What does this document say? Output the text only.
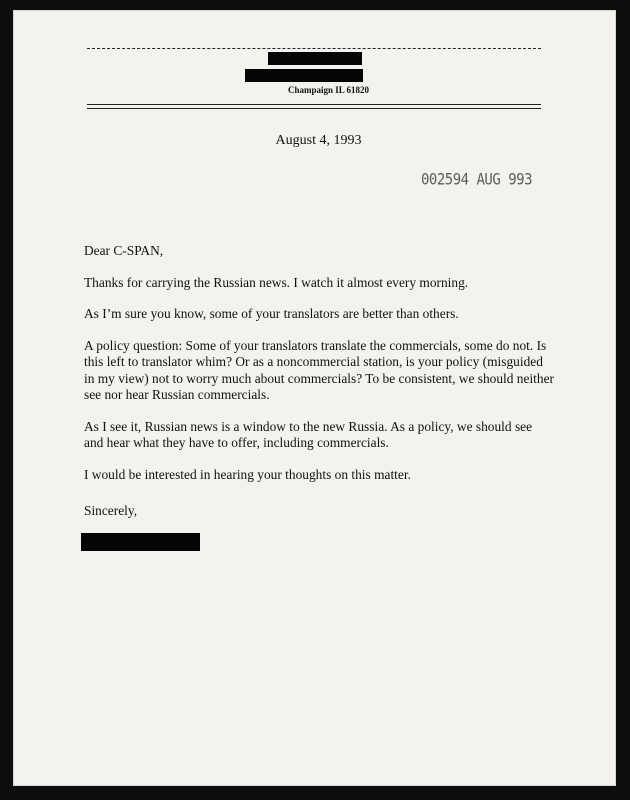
Champaign IL 61820
August 4, 1993
002594 AUG 993

Dear C-SPAN,

Thanks for carrying the Russian news. I watch it almost every morning.

As I’m sure you know, some of your translators are better than others.

A policy question: Some of your translators translate the commercials, some do not. Is this left to translator whim? Or as a noncommercial station, is your policy (misguided in my view) not to worry much about commercials? To be consistent, we should neither see nor hear Russian commercials.

As I see it, Russian news is a window to the new Russia. As a policy, we should see and hear what they have to offer, including commercials.

I would be interested in hearing your thoughts on this matter.

Sincerely,
